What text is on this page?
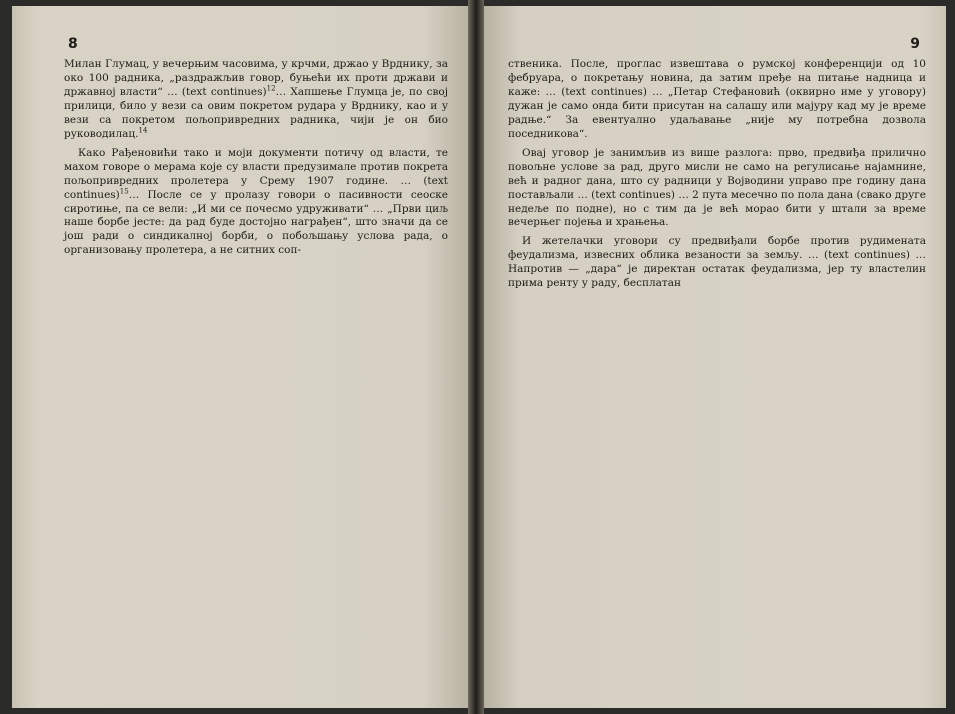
8

Милан Глумац, у вечерњим часовима, у крчми, држао у Врднику, за око 100 радника, „раздражљив говор, буњећи их проти држави и државној власти“ … (text continues)$^{12}$… Хапшење Глумца је, по свој прилици, било у вези са овим покретом рудара у Врднику, као и у вези са покретом пољопривредних радника, чији је он био руководилац.$^{14}$

Како Рађеновићи тако и моји документи потичу од власти, те махом говоре о мерама које су власти предузимале против покрета пољопривредних пролетера у Срему 1907 године. … (text continues)$^{15}$… После се у пролазу говори о пасивности сеоске сиротиње, па се вели: „И ми се почесмо удруживати“ … „Први циљ наше борбе јесте: да рад буде достојно награђен“, што значи да се још ради о синдикалној борби, о побољшању услова рада, о организовању пролетера, а не ситних соп-

9

ственика. После, проглас извештава о румској конференцији од 10 фебруара, о покретању новина, да затим пређе на питање надница и каже: … (text continues) … „Петар Стефановић (оквирно име у уговору) дужан је само онда бити присутан на салашу или мајуру кад му је време радње.“ За евентуално удаљавање „није му потребна дозвола поседникова“.

Овај уговор је занимљив из више разлога: прво, предвиђа прилично повољне услове за рад, друго мисли не само на регулисање најамнине, већ и радног дана, што су радници у Војводини управо пре годину дана постављали … (text continues) … 2 пута месечно по пола дана (свако друге недеље по подне), но с тим да је већ морао бити у штали за време вечерњег појења и храњења.

И жетелачки уговори су предвиђали борбе против рудимената феудализма, извесних облика везаности за земљу. … (text continues) … Напротив — „дара“ је директан остатак феудализма, јер ту властелин прима ренту у раду, бесплатан
